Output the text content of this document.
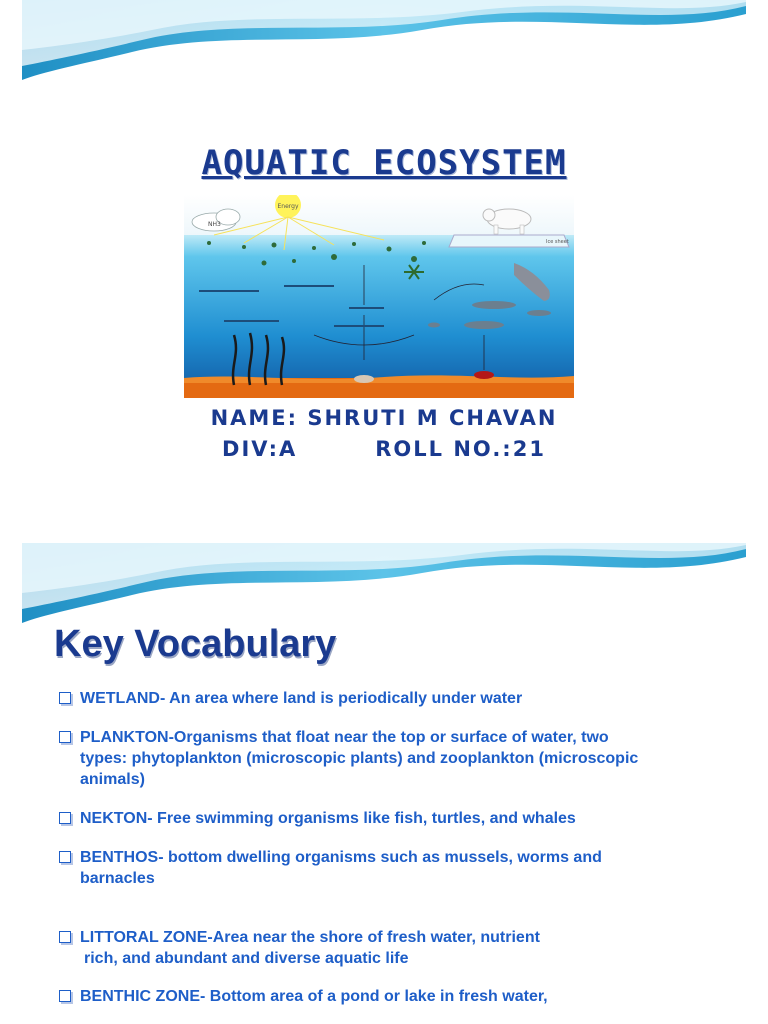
AQUATIC ECOSYSTEM
Energy
NH3
Ice sheet
NAME: SHRUTI M CHAVAN
DIV:A	ROLL NO.:21
Key Vocabulary
WETLAND- An area where land is periodically under water
PLANKTON-Organisms that float near the top or surface of water, two
types: phytoplankton (microscopic plants) and zooplankton (microscopic
animals)
NEKTON- Free swimming organisms like fish, turtles, and whales
BENTHOS- bottom dwelling organisms such as mussels, worms and
barnacles
LITTORAL ZONE-Area near the shore of fresh water, nutrient
rich, and abundant and diverse aquatic life
BENTHIC ZONE- Bottom area of a pond or lake in fresh water,
